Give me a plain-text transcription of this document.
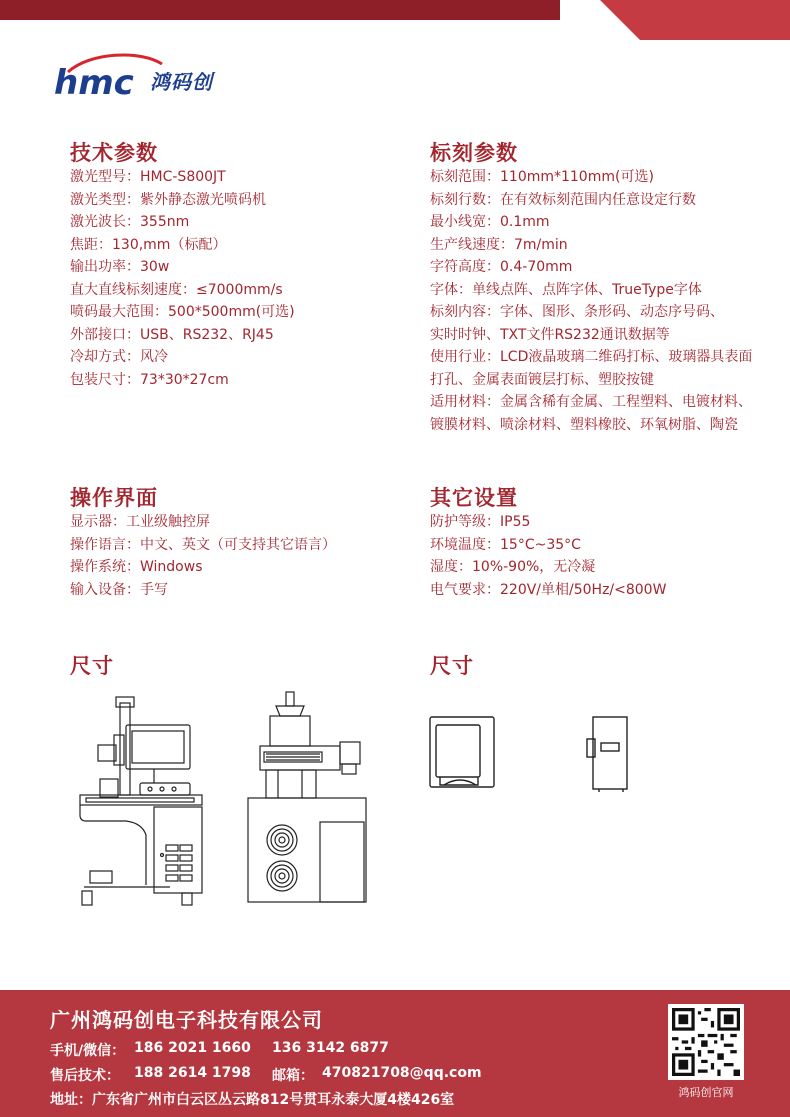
hmc 鸿码创
技术参数
激光型号：HMC-S800JT
激光类型：紫外静态激光喷码机
激光波长：355nm
焦距：130,mm（标配）
输出功率：30w
直大直线标刻速度：≤7000mm/s
喷码最大范围：500*500mm(可选)
外部接口：USB、RS232、RJ45
冷却方式：风冷
包装尺寸：73*30*27cm
标刻参数
标刻范围：110mm*110mm(可选)
标刻行数：在有效标刻范围内任意设定行数
最小线宽：0.1mm
生产线速度：7m/min
字符高度：0.4-70mm
字体：单线点阵、点阵字体、TrueType字体
标刻内容：字体、图形、条形码、动态序号码、
实时时钟、TXT文件RS232通讯数据等
使用行业：LCD液晶玻璃二维码打标、玻璃器具表面
打孔、金属表面镀层打标、塑胶按键
适用材料：金属含稀有金属、工程塑料、电镀材料、
镀膜材料、喷涂材料、塑料橡胶、环氧树脂、陶瓷
操作界面
显示器：工业级触控屏
操作语言：中文、英文（可支持其它语言）
操作系统：Windows
输入设备：手写
其它设置
防护等级：IP55
环境温度：15°C~35°C
湿度：10%-90%，无冷凝
电气要求：220V/单相/50Hz/<800W
尺寸	尺寸
广州鸿码创电子科技有限公司
手机/微信： 186 2021 1660 136 3142 6877
售后技术： 188 2614 1798 邮箱： 470821708@qq.com
地址：广东省广州市白云区丛云路812号贯耳永泰大厦4楼426室	鸿码创官网
